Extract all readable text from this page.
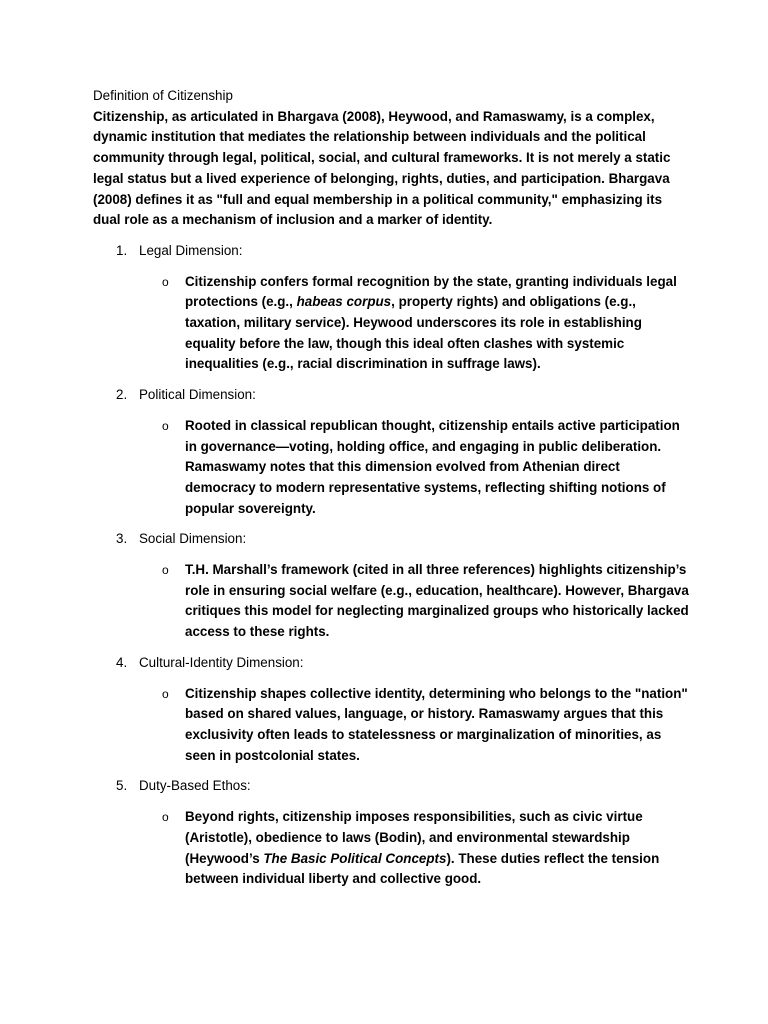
Definition of Citizenship

Citizenship, as articulated in Bhargava (2008), Heywood, and Ramaswamy, is a complex, dynamic institution that mediates the relationship between individuals and the political community through legal, political, social, and cultural frameworks. It is not merely a static legal status but a lived experience of belonging, rights, duties, and participation. Bhargava (2008) defines it as "full and equal membership in a political community," emphasizing its dual role as a mechanism of inclusion and a marker of identity.

1. Legal Dimension:
o Citizenship confers formal recognition by the state, granting individuals legal protections (e.g., habeas corpus, property rights) and obligations (e.g., taxation, military service). Heywood underscores its role in establishing equality before the law, though this ideal often clashes with systemic inequalities (e.g., racial discrimination in suffrage laws).
2. Political Dimension:
o Rooted in classical republican thought, citizenship entails active participation in governance—voting, holding office, and engaging in public deliberation. Ramaswamy notes that this dimension evolved from Athenian direct democracy to modern representative systems, reflecting shifting notions of popular sovereignty.
3. Social Dimension:
o T.H. Marshall’s framework (cited in all three references) highlights citizenship’s role in ensuring social welfare (e.g., education, healthcare). However, Bhargava critiques this model for neglecting marginalized groups who historically lacked access to these rights.
4. Cultural-Identity Dimension:
o Citizenship shapes collective identity, determining who belongs to the "nation" based on shared values, language, or history. Ramaswamy argues that this exclusivity often leads to statelessness or marginalization of minorities, as seen in postcolonial states.
5. Duty-Based Ethos:
o Beyond rights, citizenship imposes responsibilities, such as civic virtue (Aristotle), obedience to laws (Bodin), and environmental stewardship (Heywood’s The Basic Political Concepts). These duties reflect the tension between individual liberty and collective good.
